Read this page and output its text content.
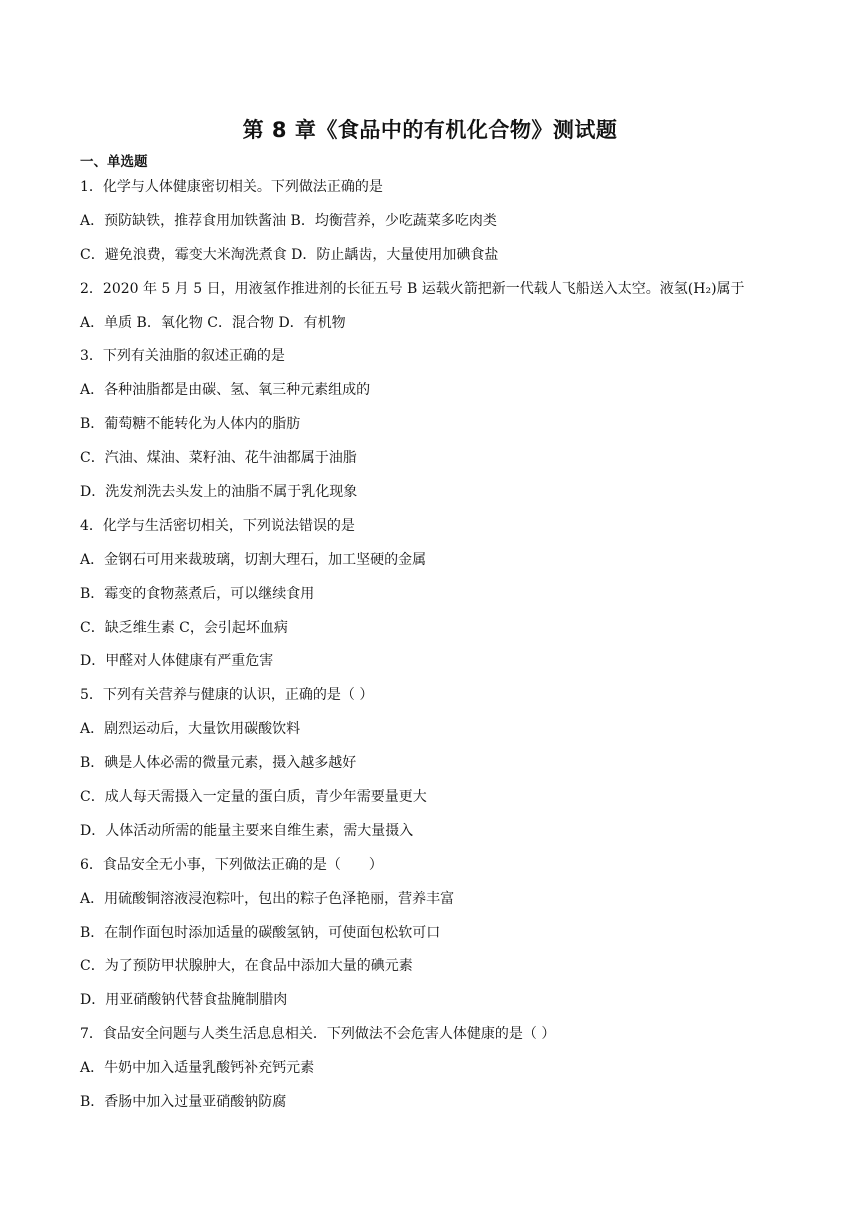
第 8 章《食品中的有机化合物》测试题
一、单选题
1．化学与人体健康密切相关。下列做法正确的是
A．预防缺铁，推荐食用加铁酱油 B．均衡营养，少吃蔬菜多吃肉类
C．避免浪费，霉变大米淘洗煮食 D．防止龋齿，大量使用加碘食盐
2．2020 年 5 月 5 日，用液氢作推进剂的长征五号 B 运载火箭把新一代载人飞船送入太空。液氢(H₂)属于
A．单质 B．氧化物 C．混合物 D．有机物
3．下列有关油脂的叙述正确的是
A．各种油脂都是由碳、氢、氧三种元素组成的
B．葡萄糖不能转化为人体内的脂肪
C．汽油、煤油、菜籽油、花牛油都属于油脂
D．洗发剂洗去头发上的油脂不属于乳化现象
4．化学与生活密切相关，下列说法错误的是
A．金钢石可用来裁玻璃，切割大理石，加工坚硬的金属
B．霉变的食物蒸煮后，可以继续食用
C．缺乏维生素 C，会引起坏血病
D．甲醛对人体健康有严重危害
5．下列有关营养与健康的认识，正确的是（ ）
A．剧烈运动后，大量饮用碳酸饮料
B．碘是人体必需的微量元素，摄入越多越好
C．成人每天需摄入一定量的蛋白质，青少年需要量更大
D．人体活动所需的能量主要来自维生素，需大量摄入
6．食品安全无小事，下列做法正确的是（　　）
A．用硫酸铜溶液浸泡粽叶，包出的粽子色泽艳丽，营养丰富
B．在制作面包时添加适量的碳酸氢钠，可使面包松软可口
C．为了预防甲状腺肿大，在食品中添加大量的碘元素
D．用亚硝酸钠代替食盐腌制腊肉
7．食品安全问题与人类生活息息相关．下列做法不会危害人体健康的是（ ）
A．牛奶中加入适量乳酸钙补充钙元素
B．香肠中加入过量亚硝酸钠防腐
